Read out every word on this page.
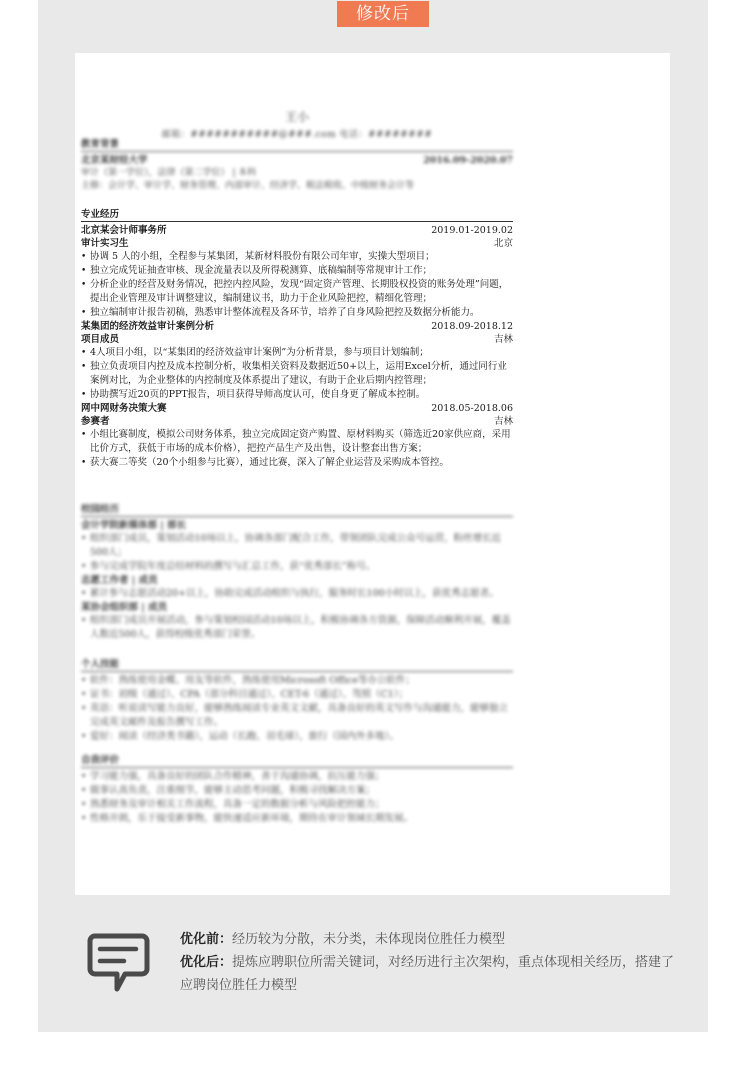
修改后
王小
邮箱：###########@###.com 电话：########
教育背景
北京某财经大学	2016.09-2020.07
审计（第一学位），法律（第二学位） | 本科
主修：会计学、审计学、财务管理、内部审计、经济学、税法税收、中级财务会计等
专业经历
北京某会计师事务所	2019.01-2019.02
审计实习生	北京
• 协调 5 人的小组，全程参与某集团，某新材料股份有限公司年审，实操大型项目；
• 独立完成凭证抽查审核、现金流量表以及所得税测算、底稿编制等常规审计工作；
• 分析企业的经营及财务情况，把控内控风险，发现“固定资产管理、长期股权投资的账务处理”问题，提出企业管理及审计调整建议，编制建议书，助力于企业风险把控，精细化管理；
• 独立编制审计报告初稿，熟悉审计整体流程及各环节，培养了自身风险把控及数据分析能力。
某集团的经济效益审计案例分析	2018.09-2018.12
项目成员	吉林
• 4人项目小组，以“某集团的经济效益审计案例”为分析背景，参与项目计划编制；
• 独立负责项目内控及成本控制分析，收集相关资料及数据近50+以上，运用Excel分析，通过同行业案例对比，为企业整体的内控制度及体系提出了建议，有助于企业后期内控管理；
• 协助撰写近20页的PPT报告，项目获得导师高度认可，使自身更了解成本控制。
网中网财务决策大赛	2018.05-2018.06
参赛者	吉林
• 小组比赛制度，模拟公司财务体系，独立完成固定资产购置、原材料购买（筛选近20家供应商，采用比价方式，获低于市场的成本价格），把控产品生产及出售，设计整套出售方案；
• 获大赛二等奖（20个小组参与比赛），通过比赛，深入了解企业运营及采购成本管控。
校园经历
会计学院新媒体部 | 部长
• 组织部门成员，策划活动10场以上，协调各部门配合工作，带领团队完成公众号运营，粉丝增长近500人；
• 参与完成学院年度总结材料的撰写与汇总工作，获“优秀部长”称号。
志愿工作者 | 成员
• 累计参与志愿活动20+以上，协助完成活动组织与执行，服务时长100小时以上，获优秀志愿者。
某协会组织部 | 成员
• 组织部门成员开展活动，参与策划校园活动10场以上，积极协调各方资源，保障活动顺利开展，覆盖人数近500人，获得校级优秀部门荣誉。
个人技能
• 软件：熟练使用金蝶、用友等软件，熟练使用Microsoft Office等办公软件；
• 证书：初级（通过）、CPA（部分科目通过）、CET-6（通过）、驾照（C1）；
• 英语：听说读写能力良好，能够熟练阅读专业英文文献，具备良好的英文写作与沟通能力，能够独立完成英文邮件及报告撰写工作。
• 爱好：阅读（经济类书籍），运动（长跑、羽毛球），旅行（国内外多地）。
自我评价
• 学习能力强，具备良好的团队合作精神，善于沟通协调，抗压能力强；
• 做事认真负责，注重细节，能够主动思考问题，积极寻找解决方案；
• 熟悉财务及审计相关工作流程，具备一定的数据分析与风险把控能力；
• 性格开朗，乐于接受新事物，能快速适应新环境，期待在审计领域长期发展。
优化前：经历较为分散，未分类，未体现岗位胜任力模型
优化后：提炼应聘职位所需关键词，对经历进行主次架构，重点体现相关经历，搭建了应聘岗位胜任力模型
